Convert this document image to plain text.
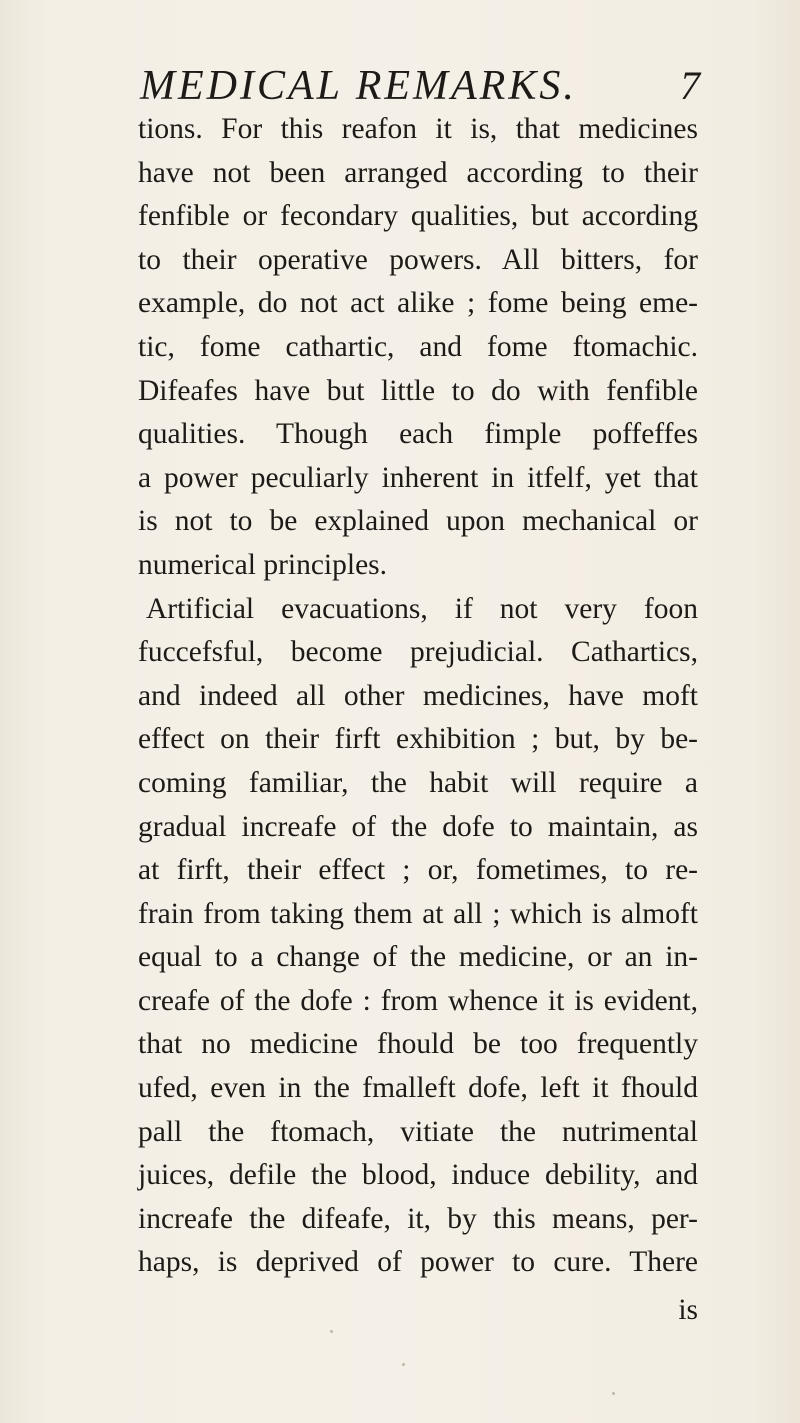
MEDICAL REMARKS.	7
tions. For this reafon it is, that medicines
have not been arranged according to their
fenfible or fecondary qualities, but according
to their operative powers. All bitters, for
example, do not act alike ; fome being eme-
tic, fome cathartic, and fome ftomachic.
Difeafes have but little to do with fenfible
qualities. Though each fimple poffeffes
a power peculiarly inherent in itfelf, yet that
is not to be explained upon mechanical or
numerical principles.
Artificial evacuations, if not very foon
fuccefsful, become prejudicial. Cathartics,
and indeed all other medicines, have moft
effect on their firft exhibition ; but, by be-
coming familiar, the habit will require a
gradual increafe of the dofe to maintain, as
at firft, their effect ; or, fometimes, to re-
frain from taking them at all ; which is almoft
equal to a change of the medicine, or an in-
creafe of the dofe : from whence it is evident,
that no medicine fhould be too frequently
ufed, even in the fmalleft dofe, left it fhould
pall the ftomach, vitiate the nutrimental
juices, defile the blood, induce debility, and
increafe the difeafe, it, by this means, per-
haps, is deprived of power to cure. There
is
